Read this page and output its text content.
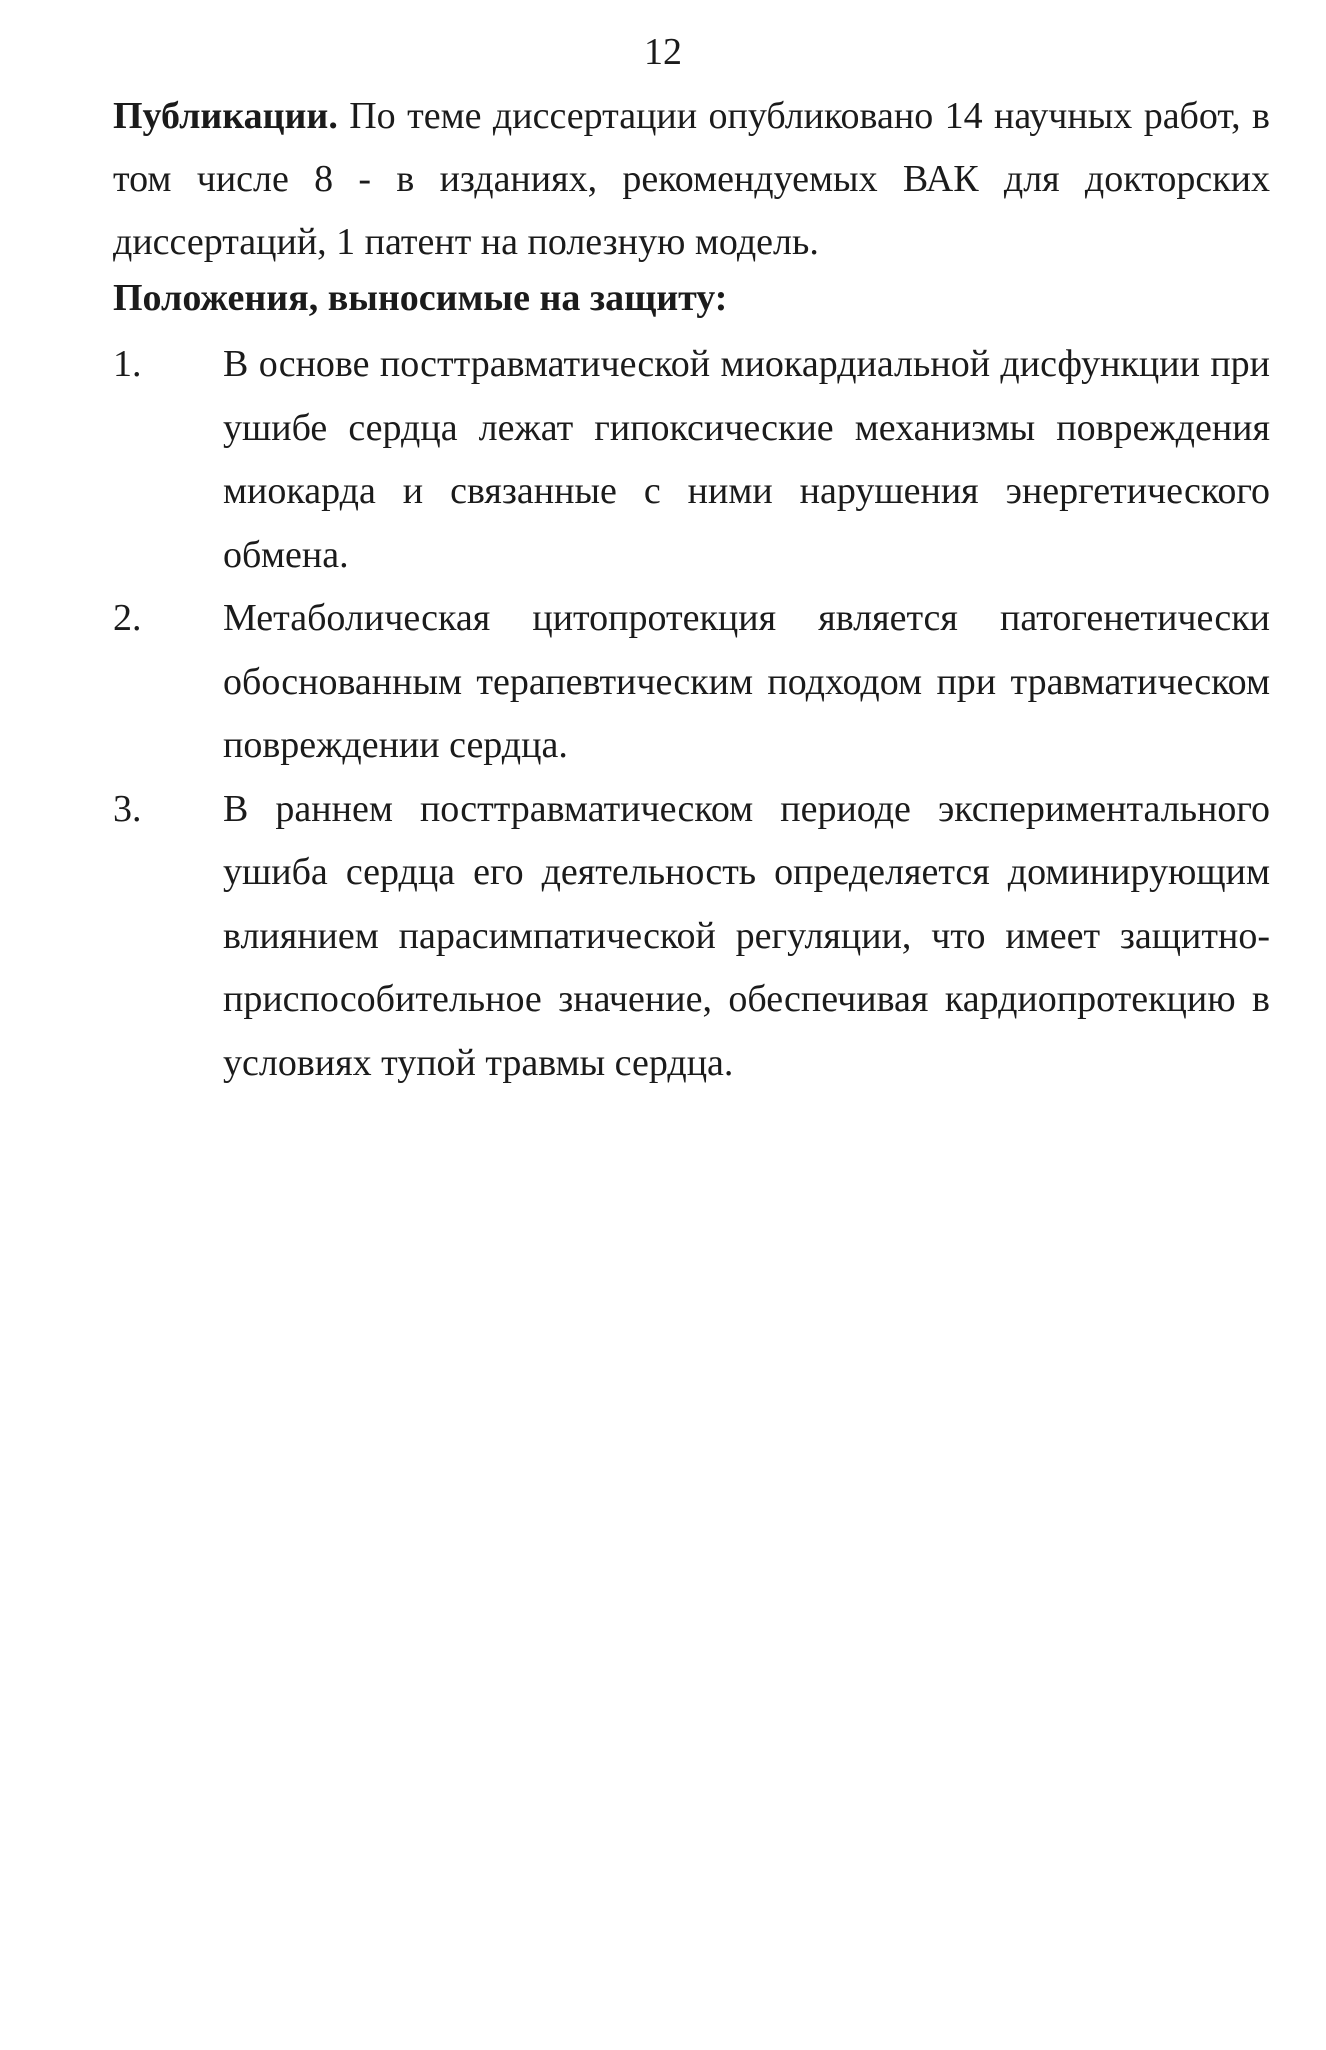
12

Публикации. По теме диссертации опубликовано 14 научных работ, в том числе 8 - в изданиях, рекомендуемых ВАК для докторских диссертаций, 1 патент на полезную модель.

Положения, выносимые на защиту:
1. В основе посттравматической миокардиальной дисфункции при ушибе сердца лежат гипоксические механизмы повреждения миокарда и связанные с ними нарушения энергетического обмена.
2. Метаболическая цитопротекция является патогенетически обоснованным терапевтическим подходом при травматическом повреждении сердца.
3. В раннем посттравматическом периоде экспериментального ушиба сердца его деятельность определяется доминирующим влиянием парасимпатической регуляции, что имеет защитно-приспособительное значение, обеспечивая кардиопротекцию в условиях тупой травмы сердца.
